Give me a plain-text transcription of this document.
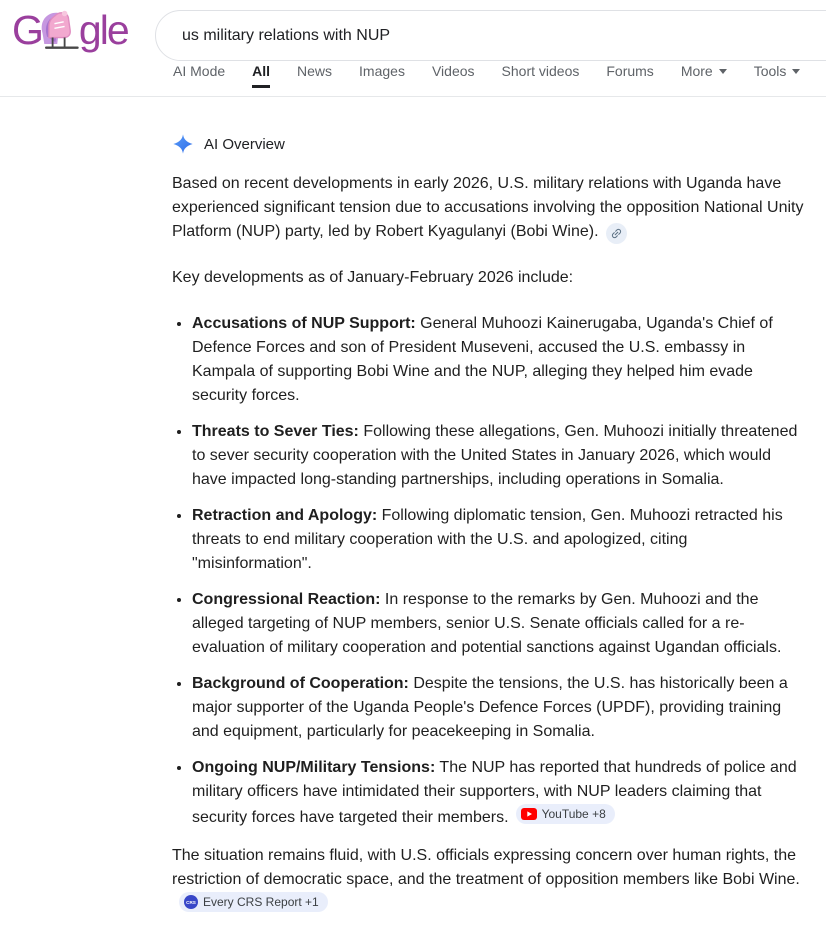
G gle
us military relations with NUP
AI Mode All News Images Videos Short videos Forums More	Tools
AI Overview

Based on recent developments in early 2026, U.S. military relations with Uganda have experienced significant tension due to accusations involving the opposition National Unity Platform (NUP) party, led by Robert Kyagulanyi (Bobi Wine).

Key developments as of January-February 2026 include:

• Accusations of NUP Support: General Muhoozi Kainerugaba, Uganda's Chief of Defence Forces and son of President Museveni, accused the U.S. embassy in Kampala of supporting Bobi Wine and the NUP, alleging they helped him evade security forces.
• Threats to Sever Ties: Following these allegations, Gen. Muhoozi initially threatened to sever security cooperation with the United States in January 2026, which would have impacted long-standing partnerships, including operations in Somalia.
• Retraction and Apology: Following diplomatic tension, Gen. Muhoozi retracted his threats to end military cooperation with the U.S. and apologized, citing "misinformation".
• Congressional Reaction: In response to the remarks by Gen. Muhoozi and the alleged targeting of NUP members, senior U.S. Senate officials called for a re-evaluation of military cooperation and potential sanctions against Ugandan officials.
• Background of Cooperation: Despite the tensions, the U.S. has historically been a major supporter of the Uganda People's Defence Forces (UPDF), providing training and equipment, particularly for peacekeeping in Somalia.
• Ongoing NUP/Military Tensions: The NUP has reported that hundreds of police and military officers have intimidated their supporters, with NUP leaders claiming that security forces have targeted their members.	YouTube +8

The situation remains fluid, with U.S. officials expressing concern over human rights, the restriction of democratic space, and the treatment of opposition members like Bobi Wine.
CRS Every CRS Report +1
